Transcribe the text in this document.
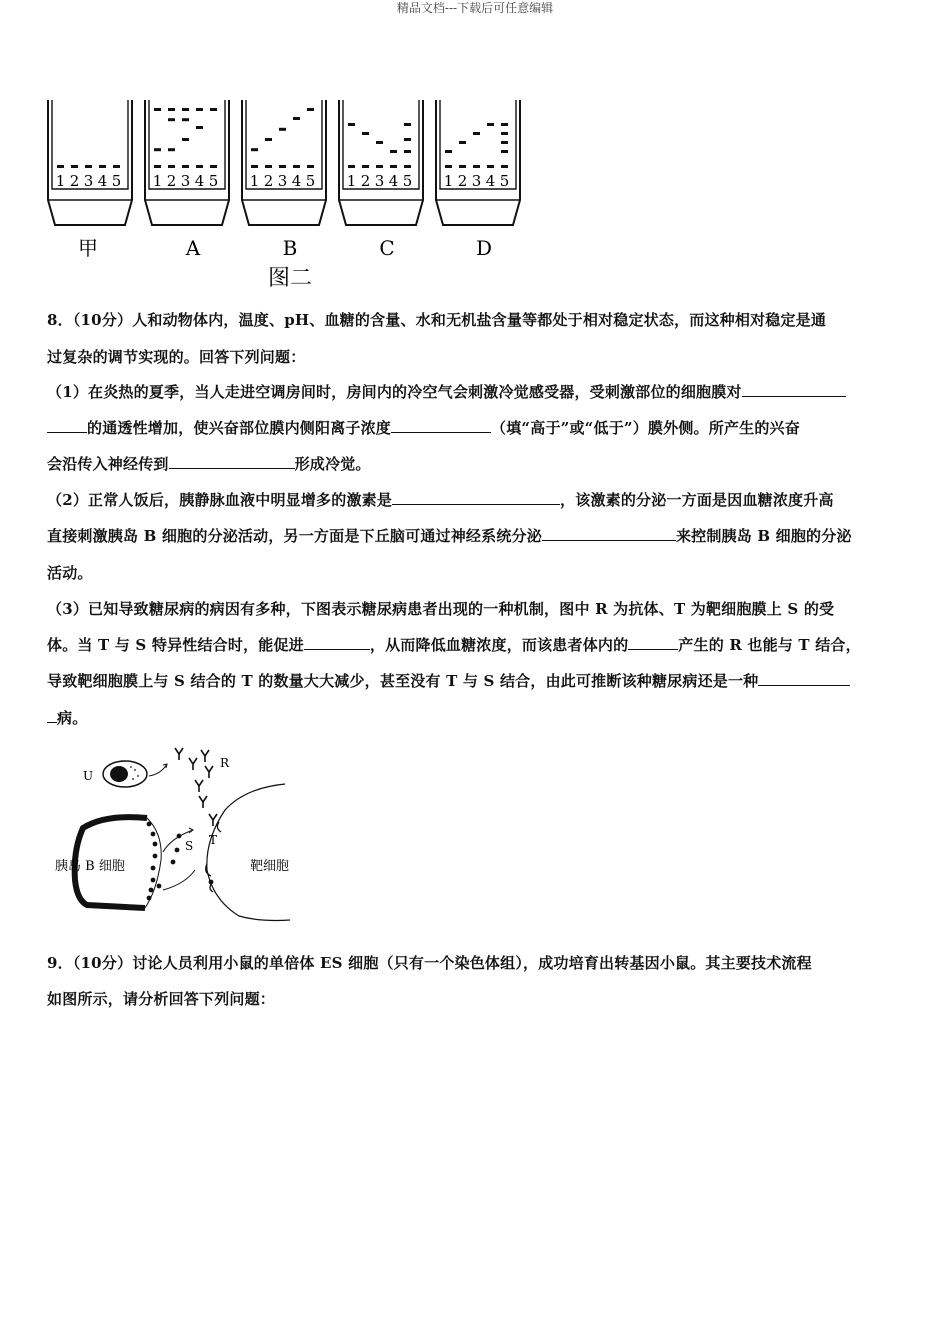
精品文档---下载后可任意编辑
1 2 3 4 5
甲
1 2 3 4 5
A
1 2 3 4 5
B
1 2 3 4 5
C
1 2 3 4 5
D
图二
8．（10分）人和动物体内，温度、pH、血糖的含量、水和无机盐含量等都处于相对稳定状态，而这种相对稳定是通
过复杂的调节实现的。回答下列问题：
（1）在炎热的夏季，当人走进空调房间时，房间内的冷空气会刺激冷觉感受器，受刺激部位的细胞膜对
的通透性增加，使兴奋部位膜内侧阳离子浓度	（填“高于”或“低于”）膜外侧。所产生的兴奋
会沿传入神经传到	形成冷觉。
（2）正常人饭后，胰静脉血液中明显增多的激素是	，该激素的分泌一方面是因血糖浓度升高
直接刺激胰岛 B 细胞的分泌活动，另一方面是下丘脑可通过神经系统分泌	来控制胰岛 B 细胞的分泌
活动。
（3）已知导致糖尿病的病因有多种，下图表示糖尿病患者出现的一种机制，图中 R 为抗体、T 为靶细胞膜上 S 的受
体。当 T 与 S 特异性结合时，能促进	，从而降低血糖浓度，而该患者体内的	产生的 R 也能与 T 结合，
导致靶细胞膜上与 S 结合的 T 的数量大大减少，甚至没有 T 与 S 结合，由此可推断该种糖尿病还是一种
病。
U
R
胰岛 B 细胞
S T
靶细胞
9．（10分）讨论人员利用小鼠的单倍体 ES 细胞（只有一个染色体组），成功培育出转基因小鼠。其主要技术流程
如图所示，请分析回答下列问题：
